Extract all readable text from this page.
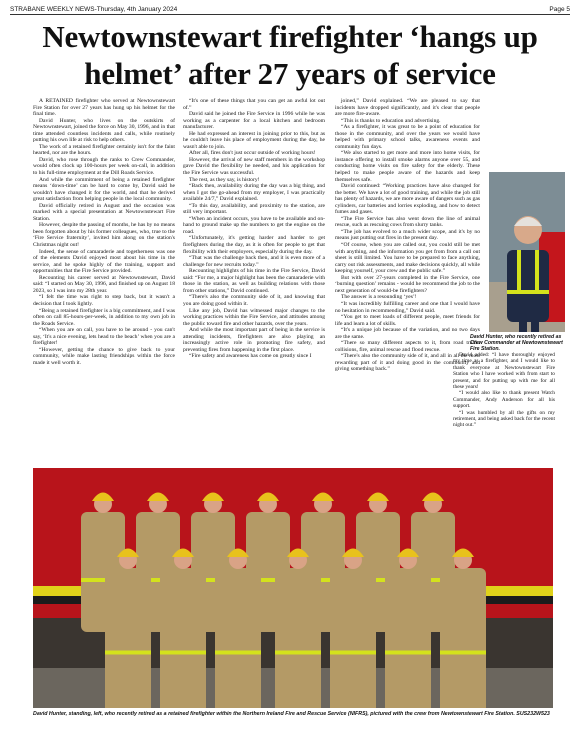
STRABANE WEEKLY NEWS-Thursday, 4th January 2024	Page 5
Newtownstewart firefighter ‘hangs up helmet’ after 27 years of service

A RETAINED firefighter who served at Newtownstewart Fire Station for over 27 years has hung up his helmet for the final time.

David Hunter, who lives on the outskirts of Newtownstewart, joined the force on May 30, 1996, and in that time attended countless incidents and calls, while routinely putting his own life at risk to help others.

The work of a retained firefighter certainly isn't for the faint hearted, nor are the hours.

David, who rose through the ranks to Crew Commander, would often clock up 100-hours per week on-call, in addition to his full-time employment at the Dill Roads Service.

And while the commitment of being a retained firefighter means ‘down-time’ can be hard to come by, David said he wouldn't have changed it for the world, and that he derived great satisfaction from helping people in the local community.

David officially retired in August and the occasion was marked with a special presentation at Newtownstewart Fire Station.

However, despite the passing of months, he has by no means been forgotten about by his former colleagues, who, true to the ‘Fire Service fraternity’, invited him along on the station's Christmas night out!

Indeed, the sense of camaraderie and togetherness was one of the elements David enjoyed most about his time in the service, and he spoke highly of the training, support and opportunities that the Fire Service provided.

Recounting his career served at Newtownstewart, David said: “I started on May 30, 1996, and finished up on August 18 2023, so I was into my 28th year.

“I felt the time was right to step back, but it wasn't a decision that I took lightly.

“Being a retained firefighter is a big commitment, and I was often on call 85-hours-per-week, in addition to my own job in the Roads Service.

“When you are on call, you have to be around - you can't say, ‘It's a nice evening, lets head to the beach’ when you are a firefighter!

“However, getting the chance to give back to your community, while make lasting friendships within the force made it well worth it.

“It's one of these things that you can get an awful lot out of.”

David said he joined the Fire Service in 1996 while he was working as a carpenter for a local kitchen and bedroom manufacturer.

He had expressed an interest in joining prior to this, but as he couldn't leave his place of employment during the day, he wasn't able to join.

After all, fires don't just occur outside of working hours!

However, the arrival of new staff members in the workshop gave David the flexibility he needed, and his application for the Fire Service was successful.

The rest, as they say, is history!

“Back then, availability during the day was a big thing, and when I got the go-ahead from my employer, I was practically available 24/7,” David explained.

“To this day, availability, and proximity to the station, are still very important.

“When an incident occurs, you have to be available and on-hand to ground make up the numbers to get the engine on the road.

“Unfortunately, it's getting harder and harder to get firefighters during the day, as it is often for people to get that flexibility with their employers, especially during the day.

“That was the challenge back then, and it is even more of a challenge for new recruits today.”

Recounting highlights of his time in the Fire Service, David said: “For me, a major highlight has been the camaraderie with those in the station, as well as building relations with those from other stations,” David continued.

“There's also the community side of it, and knowing that you are doing good within it.

Like any job, David has witnessed major changes to the working practices within the Fire Service, and attitudes among the public toward fire and other hazards, over the years.

And while the most important part of being in the service is attending incidents, firefighters are also playing an increasingly active role in promoting fire safety, and preventing fires from happening in the first place.

“Fire safety and awareness has come on greatly since I

joined,” David explained. “We are pleased to say that incidents have dropped significantly, and it's clear that people are more fire-aware.

“This is thanks to education and advertising.

“As a firefighter, it was great to be a point of education for those in the community, and over the years we would have helped with primary school talks, awareness events and community fun days.

“We also started to get more and more into home visits, for instance offering to install smoke alarms anyone over 55, and conducting home visits on fire safety for the elderly. These helped to make people aware of the hazards and keep themselves safe.

David continued: “Working practices have also changed for the better. We have a lot of good training, and while the job still has plenty of hazards, we are more aware of dangers such as gas cylinders, car batteries and lorries exploding, and how to detect fumes and gases.

“The Fire Service has also went down the line of animal rescue, such as rescuing cows from slurry tanks.

“The job has evolved to a much wider scope, and it's by no means just putting out fires in the present day.

“Of course, when you are called out, you could still be met with anything, and the information you get from from a call out sheet is still limited. You have to be prepared to face anything, carry out risk assessments, and make decisions quickly, all while keeping yourself, your crew and the public safe.”

But with over 27-years completed in the Fire Service, one ‘burning question’ remains - would he recommend the job to the next generation of would-be firefighters?

The answer is a resounding ‘yes’!

“It was incredibly fulfilling career and one that I would have no hesitation in recommending,” David said.

“You get to meet loads of different people, meet friends for life and learn a lot of skills.

“It's a unique job because of the variation, and no two days are the same.

“There so many different aspects to it, from road traffic collisions, fire, animal rescue and flood rescue.

“There's also the community side of it, and all in all the most rewarding part of it and doing good in the community and giving something back.”

David added: “I have thoroughly enjoyed my time as a firefighter, and I would like to thank everyone at Newtownstewart Fire Station who I have worked with from start to present, and for putting up with me for all these years!

“I would also like to thank present Watch Commander, Andy Anderson for all his support.

“I was humbled by all the gifts on my retirement, and being asked back for the recent night out.”

David Hunter, who recently retired as Crew Commander at Newtownstewart Fire Station.
David Hunter, standing, left, who recently retired as a retained firefighter within the Northern Ireland Fire and Rescue Service (NIFRS), pictured with the crew from Newtownstewart Fire Station. SUS232W523
